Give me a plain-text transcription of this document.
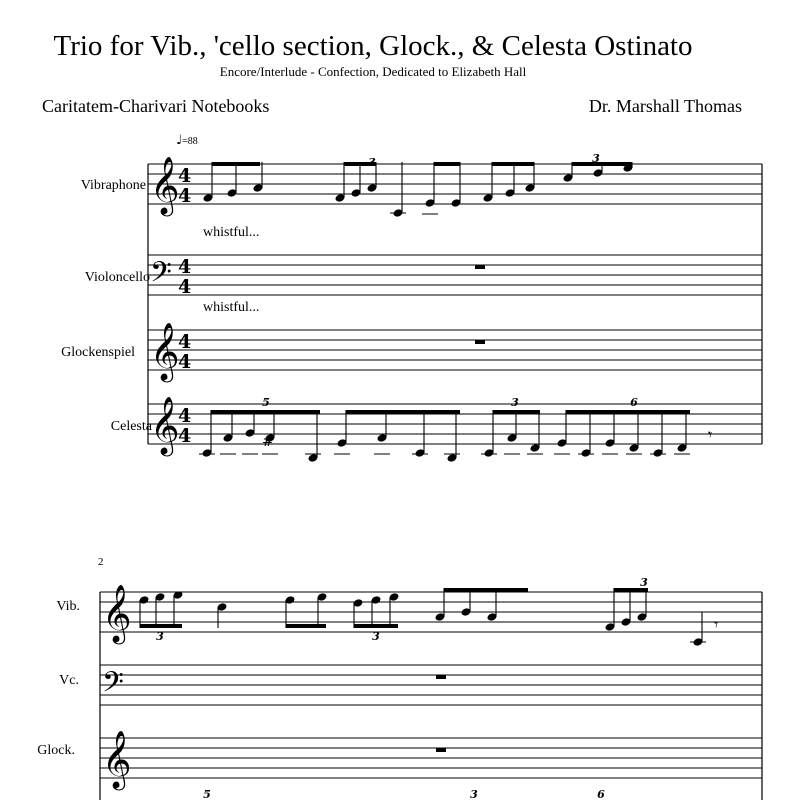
Trio for Vib., 'cello section, Glock., & Celesta Ostinato
Encore/Interlude - Confection, Dedicated to Elizabeth Hall
Caritatem-Charivari Notebooks	Dr. Marshall Thomas
♩=88
Vibraphone
Violoncello
Glockenspiel
Celesta
whistful...
whistful...
2
Vib.
Vc.
Glock.
𝄞
𝄢
𝄞
𝄞
4
4
4
4
4
4
4
4
3	3
#
5	3	6
𝄾
𝄞
𝄢
𝄞
3	3
3
𝄾
5	3	6
